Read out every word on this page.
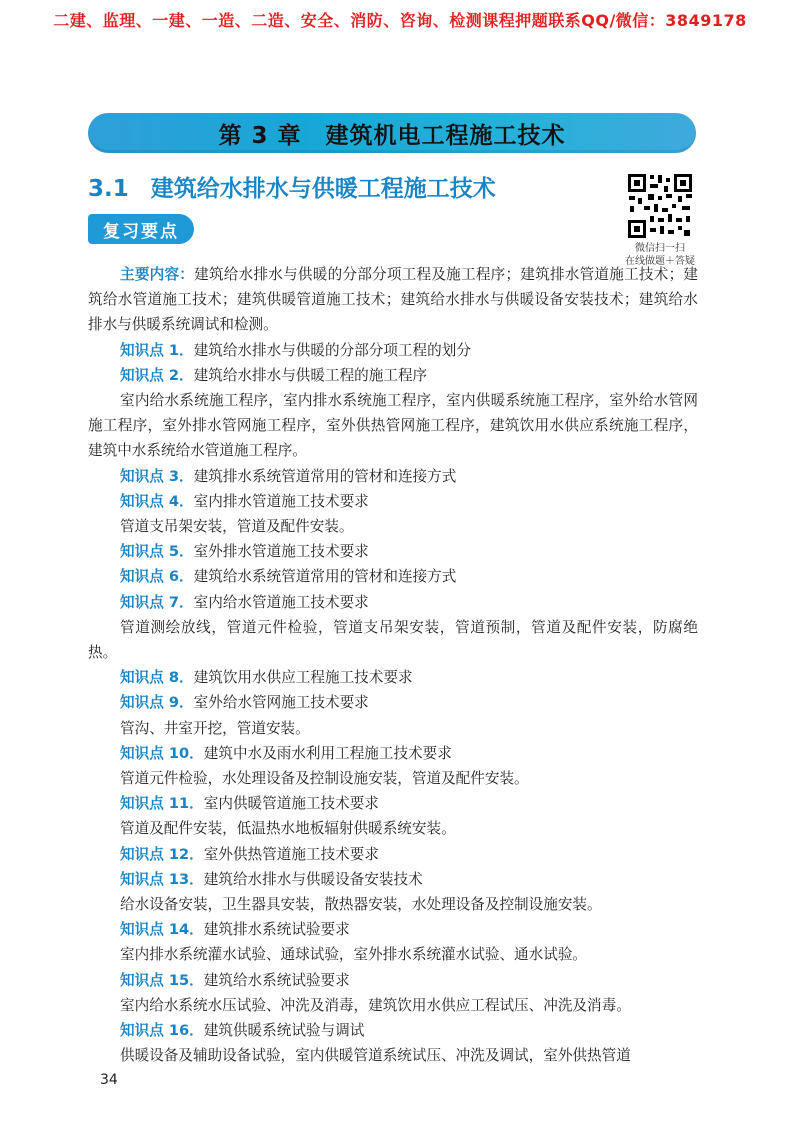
二建、监理、一建、一造、二造、安全、消防、咨询、检测课程押题联系QQ/微信：3849178
第 3 章　建筑机电工程施工技术
3.1 建筑给水排水与供暖工程施工技术
微信扫一扫
在线做题＋答疑
复习要点

主要内容：建筑给水排水与供暖的分部分项工程及施工程序；建筑排水管道施工技术；建筑给水管道施工技术；建筑供暖管道施工技术；建筑给水排水与供暖设备安装技术；建筑给水排水与供暖系统调试和检测。

知识点 1．建筑给水排水与供暖的分部分项工程的划分

知识点 2．建筑给水排水与供暖工程的施工程序

室内给水系统施工程序，室内排水系统施工程序，室内供暖系统施工程序，室外给水管网施工程序，室外排水管网施工程序，室外供热管网施工程序，建筑饮用水供应系统施工程序，建筑中水系统给水管道施工程序。

知识点 3．建筑排水系统管道常用的管材和连接方式

知识点 4．室内排水管道施工技术要求

管道支吊架安装，管道及配件安装。

知识点 5．室外排水管道施工技术要求

知识点 6．建筑给水系统管道常用的管材和连接方式

知识点 7．室内给水管道施工技术要求

管道测绘放线，管道元件检验，管道支吊架安装，管道预制，管道及配件安装，防腐绝热。

知识点 8．建筑饮用水供应工程施工技术要求

知识点 9．室外给水管网施工技术要求

管沟、井室开挖，管道安装。

知识点 10．建筑中水及雨水利用工程施工技术要求

管道元件检验，水处理设备及控制设施安装，管道及配件安装。

知识点 11．室内供暖管道施工技术要求

管道及配件安装，低温热水地板辐射供暖系统安装。

知识点 12．室外供热管道施工技术要求

知识点 13．建筑给水排水与供暖设备安装技术

给水设备安装，卫生器具安装，散热器安装，水处理设备及控制设施安装。

知识点 14．建筑排水系统试验要求

室内排水系统灌水试验、通球试验，室外排水系统灌水试验、通水试验。

知识点 15．建筑给水系统试验要求

室内给水系统水压试验、冲洗及消毒，建筑饮用水供应工程试压、冲洗及消毒。

知识点 16．建筑供暖系统试验与调试

供暖设备及辅助设备试验，室内供暖管道系统试压、冲洗及调试，室外供热管道

34
